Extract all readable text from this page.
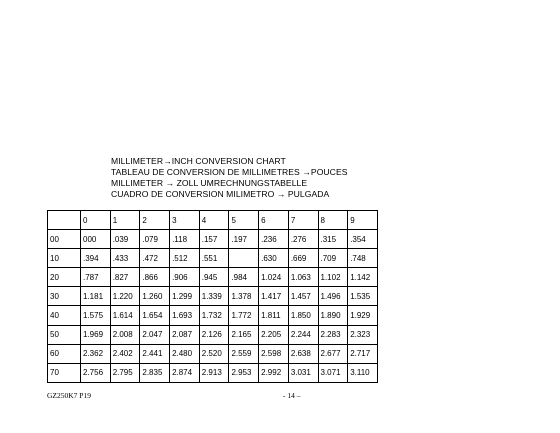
MILLIMETER→INCH CONVERSION CHART
TABLEAU DE CONVERSION DE MILLIMETRES →POUCES
MILLIMETER → ZOLL UMRECHNUNGSTABELLE
CUADRO DE CONVERSION MILIMETRO → PULGADA
	0	1	2	3	4	5	6	7	8	9
00	000	.039	.079	.118	.157	.197	.236	.276	.315	.354
10	.394	.433	.472	.512	.551		.630	.669	.709	.748
20	.787	.827	.866	.906	.945	.984	1.024	1.063	1.102	1.142
30	1.181	1.220	1.260	1.299	1.339	1.378	1.417	1.457	1.496	1.535
40	1.575	1.614	1.654	1.693	1.732	1.772	1.811	1.850	1.890	1.929
50	1.969	2.008	2.047	2.087	2.126	2.165	2.205	2.244	2.283	2.323
60	2.362	2.402	2.441	2.480	2.520	2.559	2.598	2.638	2.677	2.717
70	2.756	2.795	2.835	2.874	2.913	2.953	2.992	3.031	3.071	3.110
GZ250K7 P19	- 14 –
